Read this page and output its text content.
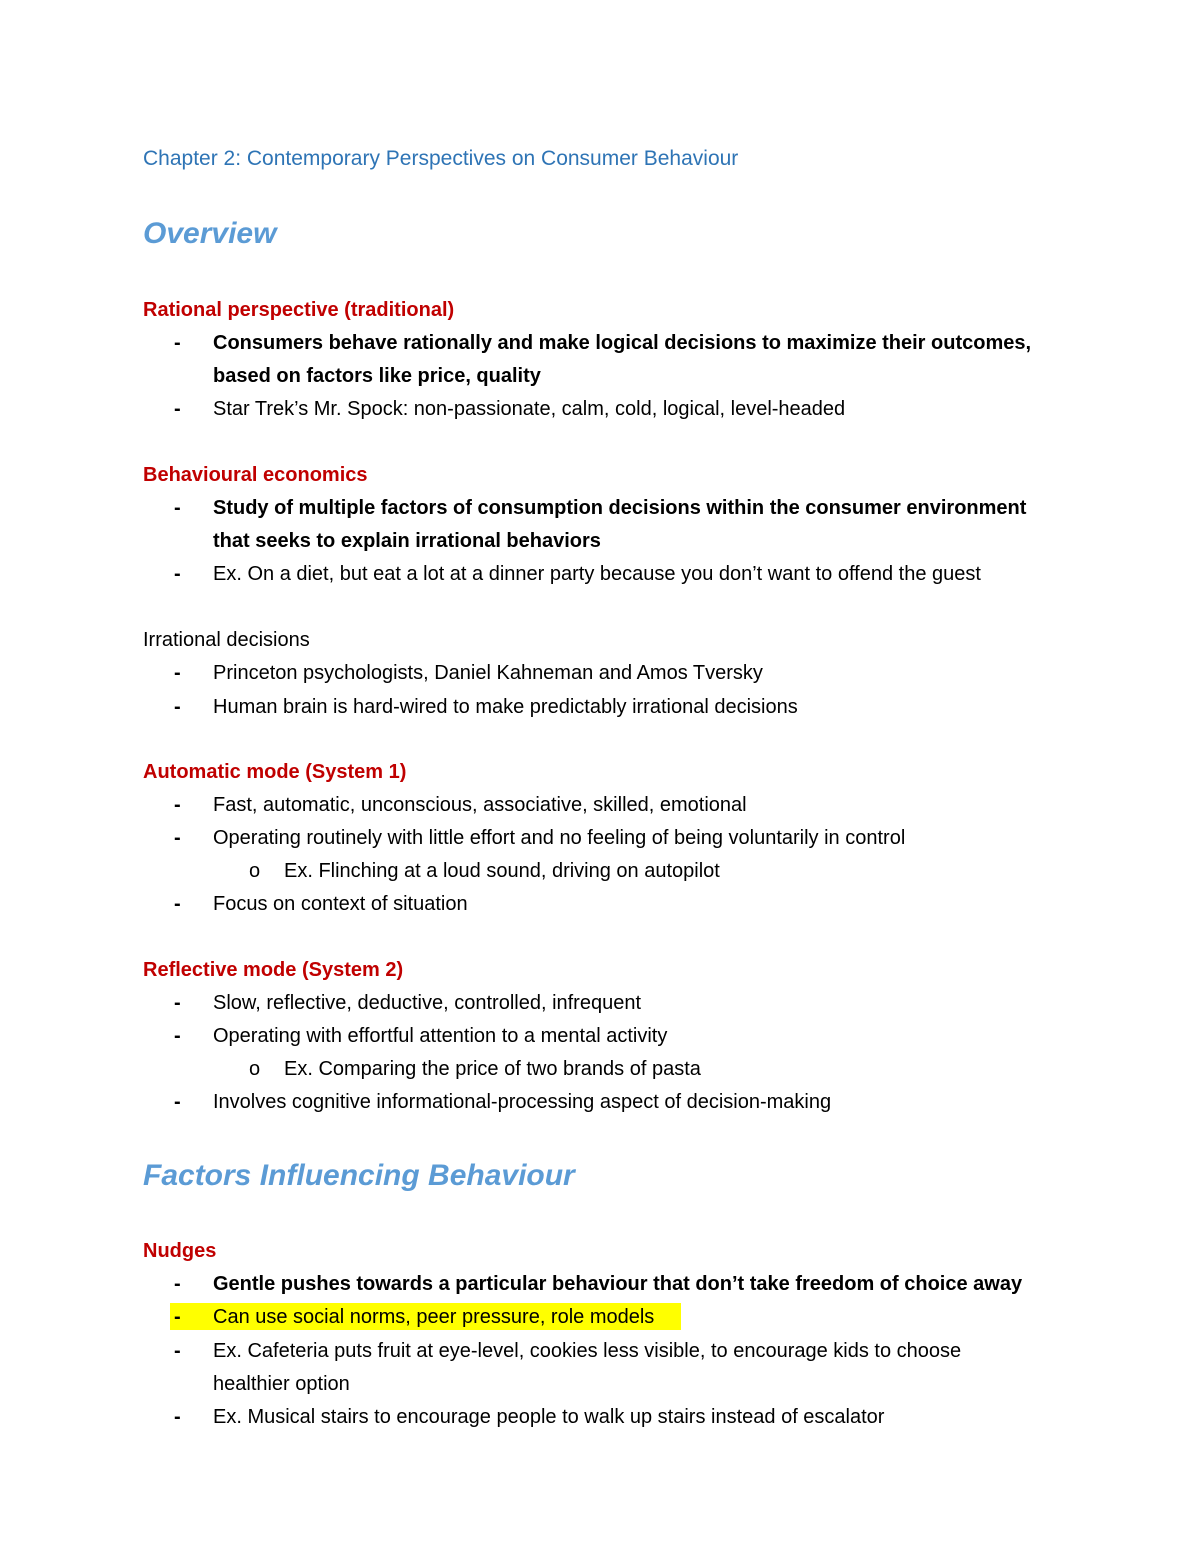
Chapter 2: Contemporary Perspectives on Consumer Behaviour
Overview
Rational perspective (traditional)
- Consumers behave rationally and make logical decisions to maximize their outcomes,
based on factors like price, quality
- Star Trek’s Mr. Spock: non-passionate, calm, cold, logical, level-headed
Behavioural economics
- Study of multiple factors of consumption decisions within the consumer environment
that seeks to explain irrational behaviors
- Ex. On a diet, but eat a lot at a dinner party because you don’t want to offend the guest
Irrational decisions
- Princeton psychologists, Daniel Kahneman and Amos Tversky
- Human brain is hard-wired to make predictably irrational decisions
Automatic mode (System 1)
- Fast, automatic, unconscious, associative, skilled, emotional
- Operating routinely with little effort and no feeling of being voluntarily in control
o Ex. Flinching at a loud sound, driving on autopilot
- Focus on context of situation
Reflective mode (System 2)
- Slow, reflective, deductive, controlled, infrequent
- Operating with effortful attention to a mental activity
o Ex. Comparing the price of two brands of pasta
- Involves cognitive informational-processing aspect of decision-making
Factors Influencing Behaviour
Nudges
- Gentle pushes towards a particular behaviour that don’t take freedom of choice away
- Can use social norms, peer pressure, role models
- Ex. Cafeteria puts fruit at eye-level, cookies less visible, to encourage kids to choose
healthier option
- Ex. Musical stairs to encourage people to walk up stairs instead of escalator
